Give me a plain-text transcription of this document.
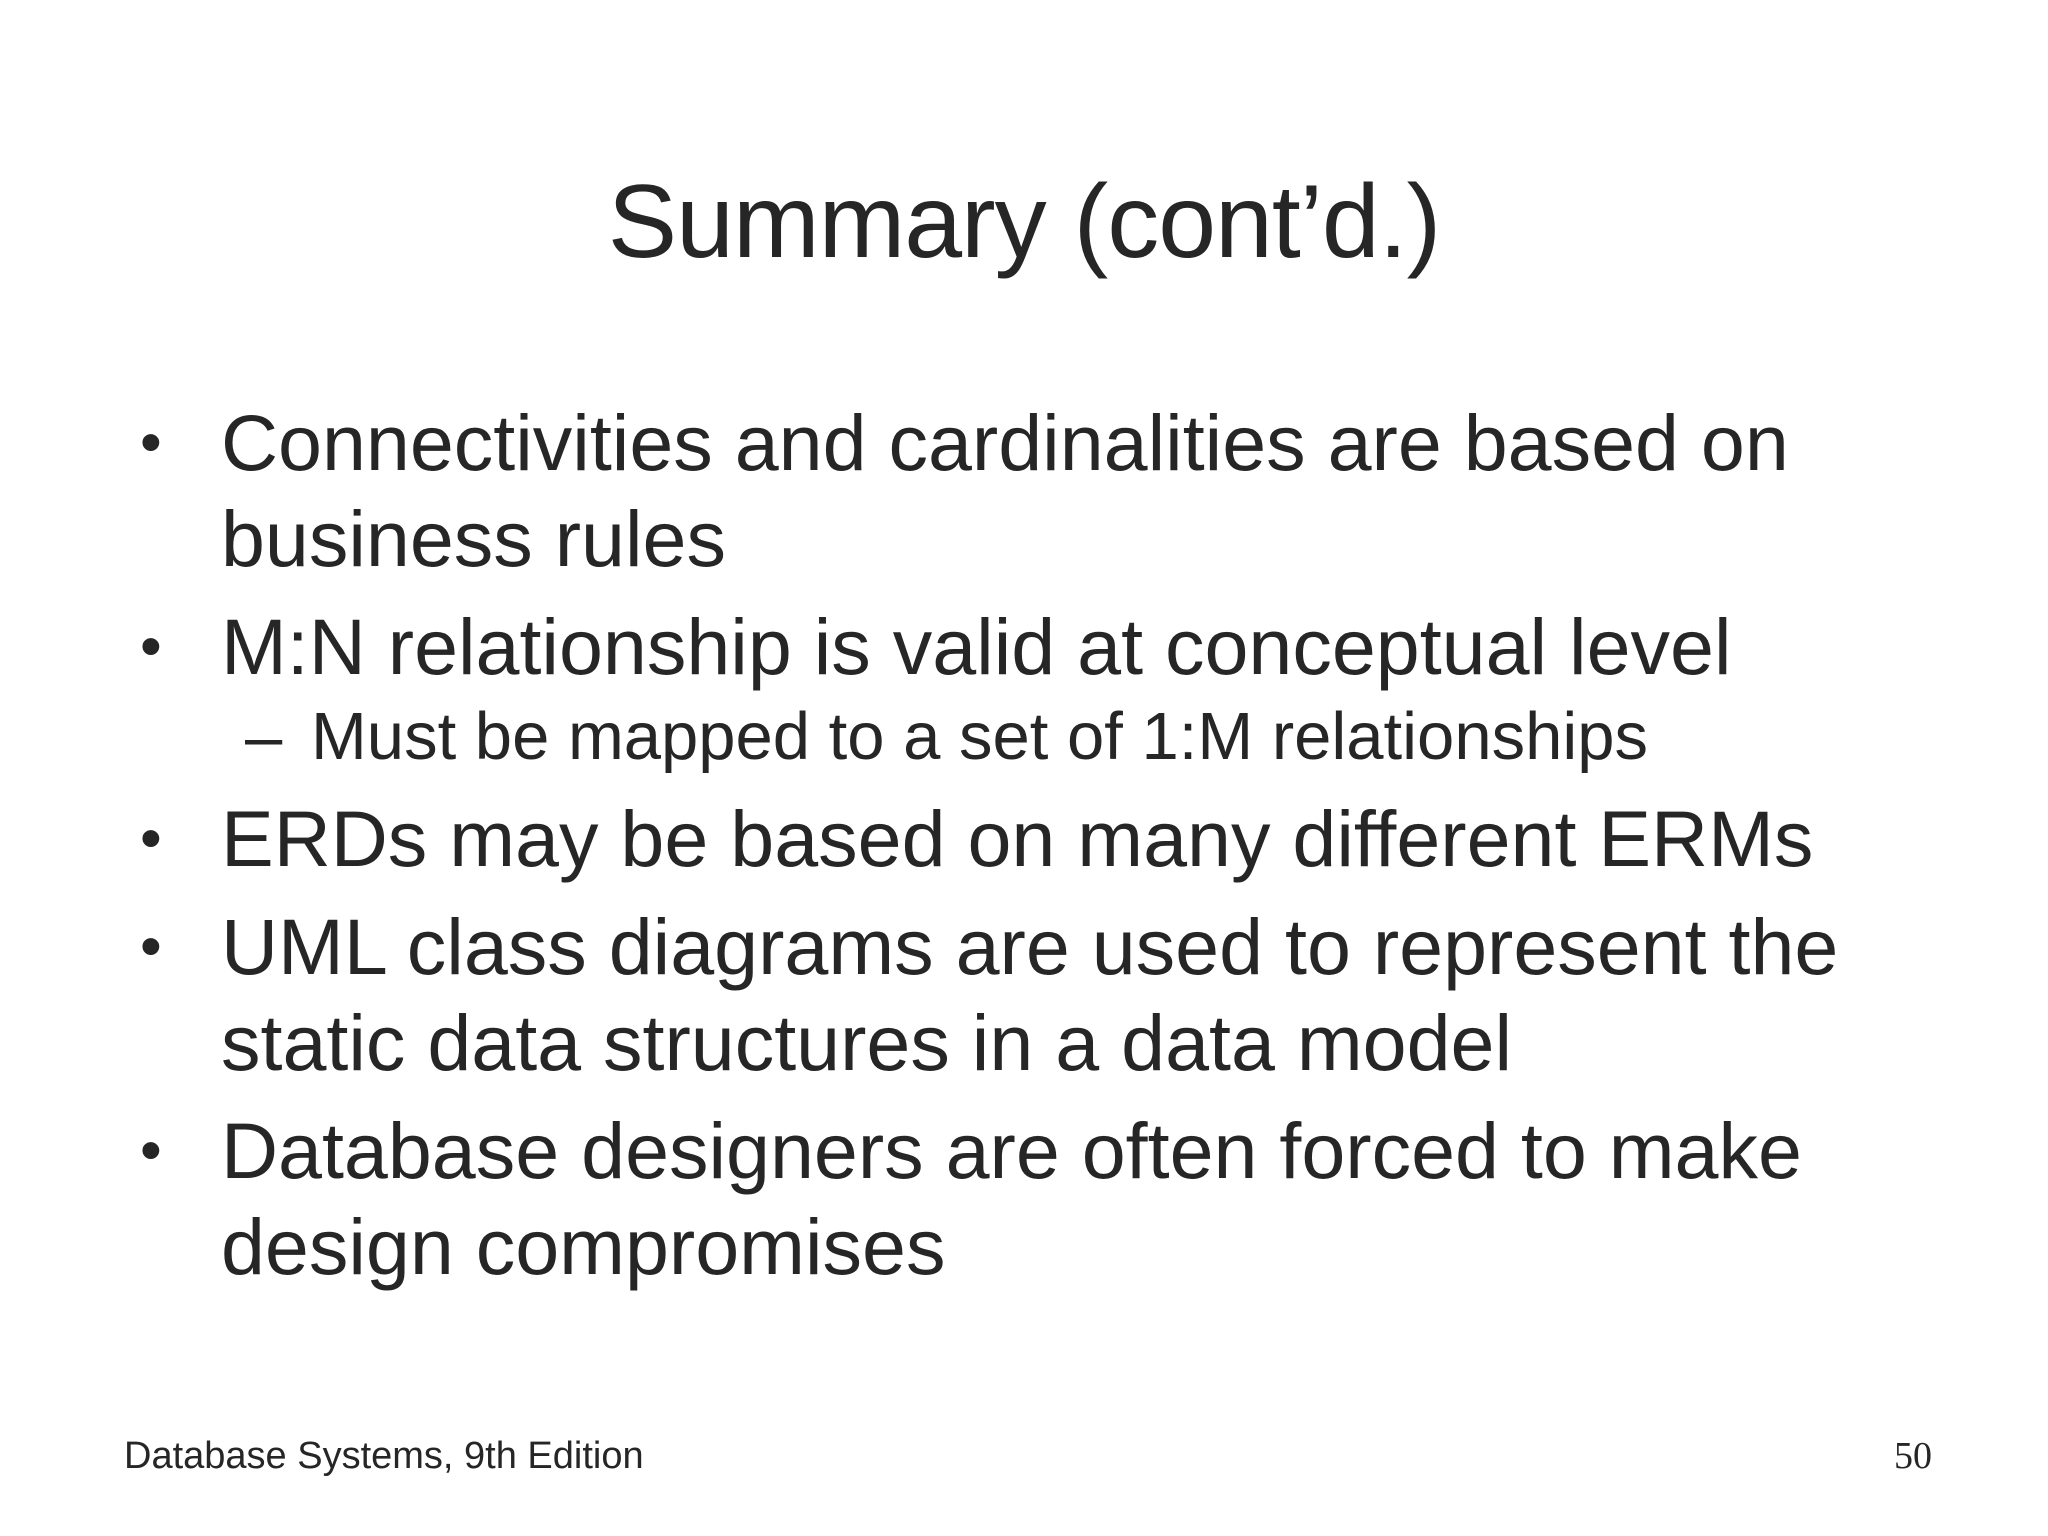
Summary (cont’d.)
• Connectivities and cardinalities are based on business rules
• M:N relationship is valid at conceptual level
– Must be mapped to a set of 1:M relationships
• ERDs may be based on many different ERMs
• UML class diagrams are used to represent the static data structures in a data model
• Database designers are often forced to make design compromises
Database Systems, 9th Edition	50
